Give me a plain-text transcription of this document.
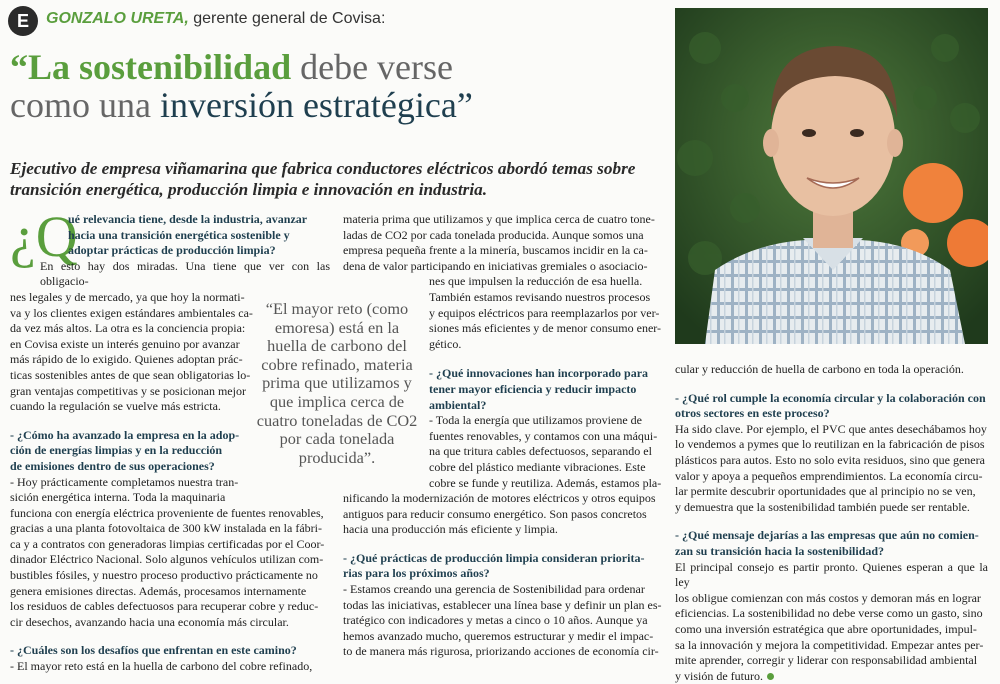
E	GONZALO URETA, gerente general de Covisa:
“La sostenibilidad debe verse
como una inversión estratégica”
Ejecutivo de empresa viñamarina que fabrica conductores eléctricos abordó temas sobre transición energética, producción limpia e innovación en industria.
¿Q

ué relevancia tiene, desde la industria, avanzar

hacia una transición energética sostenible y

adoptar prácticas de producción limpia?

En esto hay dos miradas. Una tiene que ver con las obligacio-

nes legales y de mercado, ya que hoy la normati-

va y los clientes exigen estándares ambientales ca-

da vez más altos. La otra es la conciencia propia:

en Covisa existe un interés genuino por avanzar

más rápido de lo exigido. Quienes adoptan prác-

ticas sostenibles antes de que sean obligatorias lo-

gran ventajas competitivas y se posicionan mejor

cuando la regulación se vuelve más estricta.

- ¿Cómo ha avanzado la empresa en la adop-

ción de energías limpias y en la reducción

de emisiones dentro de sus operaciones?

- Hoy prácticamente completamos nuestra tran-

sición energética interna. Toda la maquinaria

funciona con energía eléctrica proveniente de fuentes renovables,

gracias a una planta fotovoltaica de 300 kW instalada en la fábri-

ca y a contratos con generadoras limpias certificadas por el Coor-

dinador Eléctrico Nacional. Solo algunos vehículos utilizan com-

bustibles fósiles, y nuestro proceso productivo prácticamente no

genera emisiones directas. Además, procesamos internamente

los residuos de cables defectuosos para recuperar cobre y reduc-

cir desechos, avanzando hacia una economía más circular.

- ¿Cuáles son los desafíos que enfrentan en este camino?

- El mayor reto está en la huella de carbono del cobre refinado,

“El mayor reto (como emoresa) está en la huella de carbono del cobre refinado, materia prima que utilizamos y que implica cerca de cuatro toneladas de CO2 por cada tonelada producida”.

materia prima que utilizamos y que implica cerca de cuatro tone-

ladas de CO2 por cada tonelada producida. Aunque somos una

empresa pequeña frente a la minería, buscamos incidir en la ca-

dena de valor participando en iniciativas gremiales o asociacio-

nes que impulsen la reducción de esa huella.

También estamos revisando nuestros procesos

y equipos eléctricos para reemplazarlos por ver-

siones más eficientes y de menor consumo ener-

gético.

- ¿Qué innovaciones han incorporado para

tener mayor eficiencia y reducir impacto

ambiental?

- Toda la energía que utilizamos proviene de

fuentes renovables, y contamos con una máqui-

na que tritura cables defectuosos, separando el

cobre del plástico mediante vibraciones. Este

cobre se funde y reutiliza. Además, estamos pla-

nificando la modernización de motores eléctricos y otros equipos

antiguos para reducir consumo energético. Son pasos concretos

hacia una producción más eficiente y limpia.

- ¿Qué prácticas de producción limpia consideran priorita-

rias para los próximos años?

- Estamos creando una gerencia de Sostenibilidad para ordenar

todas las iniciativas, establecer una línea base y definir un plan es-

tratégico con indicadores y metas a cinco o 10 años. Aunque ya

hemos avanzado mucho, queremos estructurar y medir el impac-

to de manera más rigurosa, priorizando acciones de economía cir-

cular y reducción de huella de carbono en toda la operación.

- ¿Qué rol cumple la economía circular y la colaboración con

otros sectores en este proceso?

Ha sido clave. Por ejemplo, el PVC que antes desechábamos hoy

lo vendemos a pymes que lo reutilizan en la fabricación de pisos

plásticos para autos. Esto no solo evita residuos, sino que genera

valor y apoya a pequeños emprendimientos. La economía circu-

lar permite descubrir oportunidades que al principio no se ven,

y demuestra que la sostenibilidad también puede ser rentable.

- ¿Qué mensaje dejarías a las empresas que aún no comien-

zan su transición hacia la sostenibilidad?

El principal consejo es partir pronto. Quienes esperan a que la ley

los obligue comienzan con más costos y demoran más en lograr

eficiencias. La sostenibilidad no debe verse como un gasto, sino

como una inversión estratégica que abre oportunidades, impul-

sa la innovación y mejora la competitividad. Empezar antes per-

mite aprender, corregir y liderar con responsabilidad ambiental

y visión de futuro.
